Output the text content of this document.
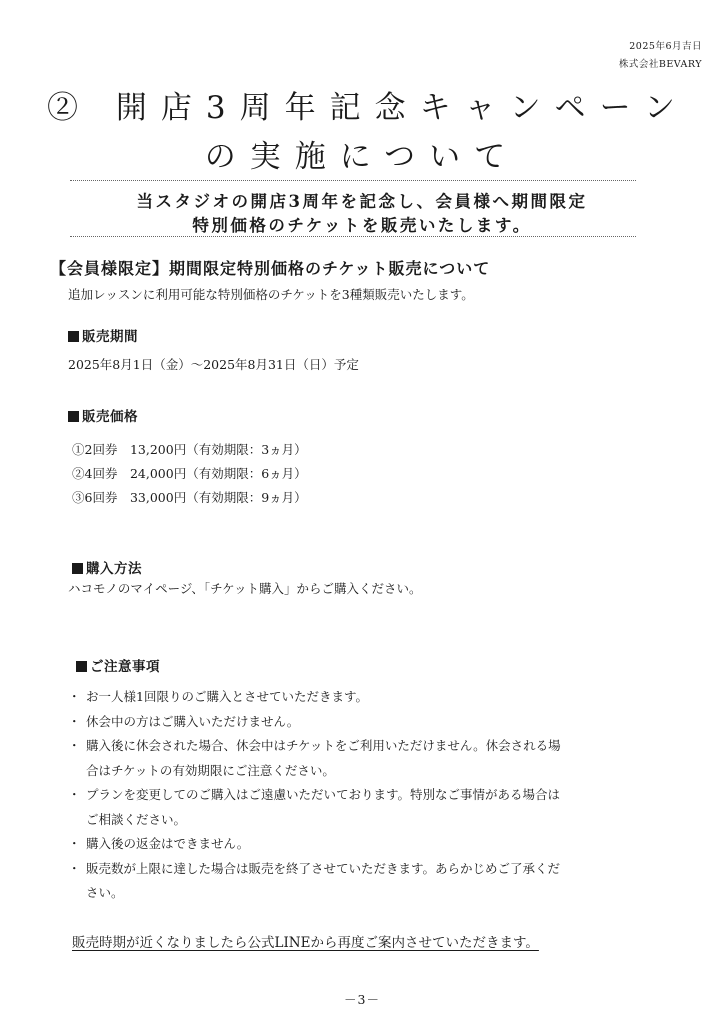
2025年6月吉日
株式会社BEVARY
② 開店3周年記念キャンペーン
の実施について
当スタジオの開店3周年を記念し、会員様へ期間限定
特別価格のチケットを販売いたします。
【会員様限定】期間限定特別価格のチケット販売について
追加レッスンに利用可能な特別価格のチケットを3種類販売いたします。
販売期間
2025年8月1日（金）～2025年8月31日（日）予定
販売価格
①2回券　13,200円（有効期限：3ヵ月）
②4回券　24,000円（有効期限：6ヵ月）
③6回券　33,000円（有効期限：9ヵ月）
購入方法
ハコモノのマイページ、「チケット購入」からご購入ください。
ご注意事項
・ お一人様1回限りのご購入とさせていただきます。
・ 休会中の方はご購入いただけません。
・ 購入後に休会された場合、休会中はチケットをご利用いただけません。休会される場
合はチケットの有効期限にご注意ください。
・ プランを変更してのご購入はご遠慮いただいております。特別なご事情がある場合は
ご相談ください。
・ 購入後の返金はできません。
・ 販売数が上限に達した場合は販売を終了させていただきます。あらかじめご了承くだ
さい。
販売時期が近くなりましたら公式LINEから再度ご案内させていただきます。
－3－
